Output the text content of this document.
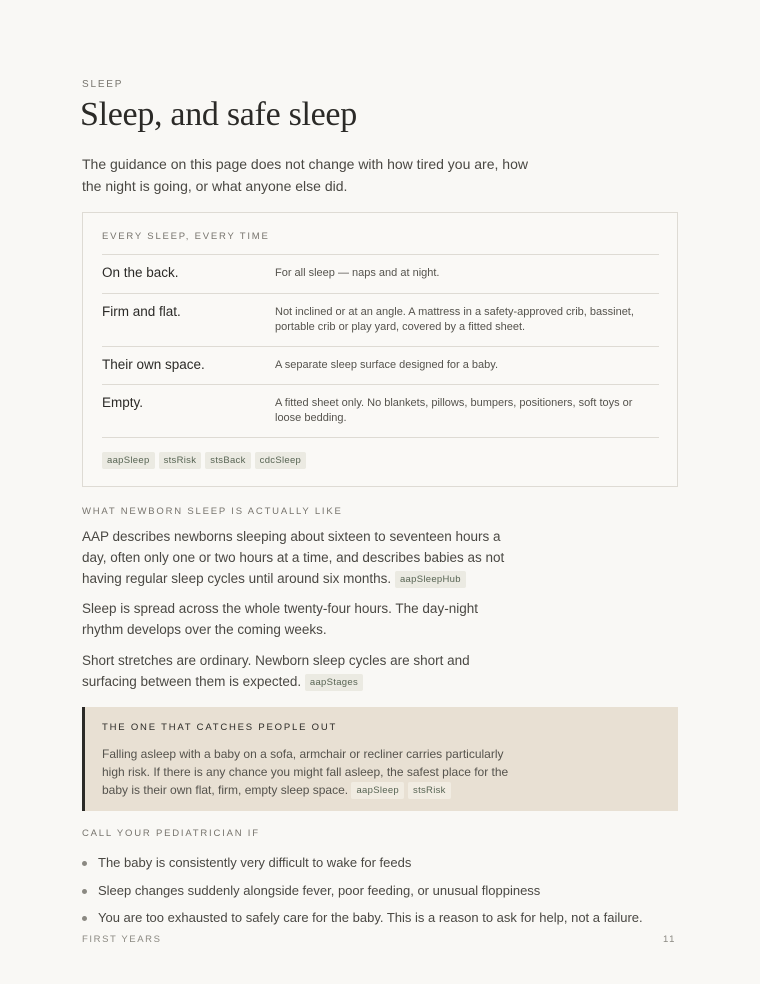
SLEEP
Sleep, and safe sleep
The guidance on this page does not change with how tired you are, how the night is going, or what anyone else did.
EVERY SLEEP, EVERY TIME
On the back.	For all sleep — naps and at night.
Firm and flat.	Not inclined or at an angle. A mattress in a safety-approved crib, bassinet, portable crib or play yard, covered by a fitted sheet.
Their own space.	A separate sleep surface designed for a baby.
Empty.	A fitted sheet only. No blankets, pillows, bumpers, positioners, soft toys or loose bedding.
aapSleep stsRisk stsBack cdcSleep
WHAT NEWBORN SLEEP IS ACTUALLY LIKE
AAP describes newborns sleeping about sixteen to seventeen hours a day, often only one or two hours at a time, and describes babies as not having regular sleep cycles until around six months. aapSleepHub
Sleep is spread across the whole twenty-four hours. The day-night rhythm develops over the coming weeks.
Short stretches are ordinary. Newborn sleep cycles are short and surfacing between them is expected. aapStages
THE ONE THAT CATCHES PEOPLE OUT
Falling asleep with a baby on a sofa, armchair or recliner carries particularly high risk. If there is any chance you might fall asleep, the safest place for the baby is their own flat, firm, empty sleep space. aapSleep stsRisk
CALL YOUR PEDIATRICIAN IF
The baby is consistently very difficult to wake for feeds
Sleep changes suddenly alongside fever, poor feeding, or unusual floppiness
You are too exhausted to safely care for the baby. This is a reason to ask for help, not a failure.
FIRST YEARS	11
